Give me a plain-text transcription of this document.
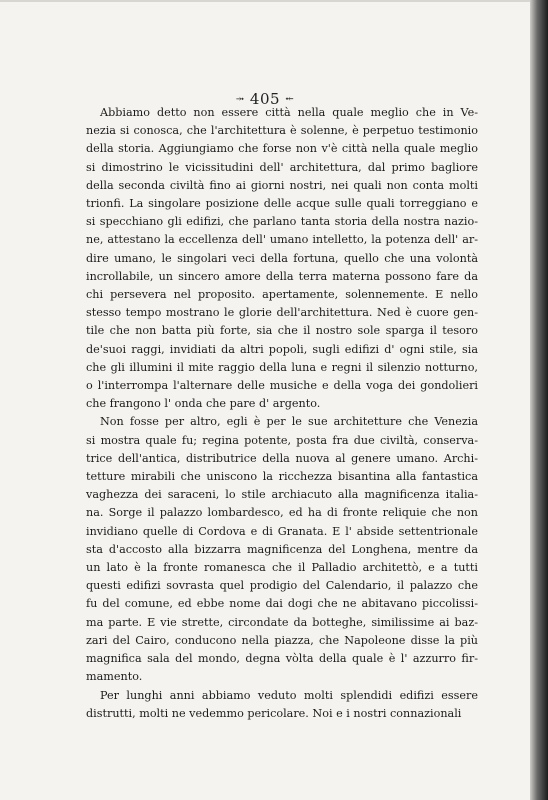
⤞ 405 ⤝
Abbiamo detto non essere città nella quale meglio che in Ve-
nezia si conosca, che l'architettura è solenne, è perpetuo testimonio
della storia. Aggiungiamo che forse non v'è città nella quale meglio
si dimostrino le vicissitudini dell' architettura, dal primo bagliore
della seconda civiltà fino ai giorni nostri, nei quali non conta molti
trionfi. La singolare posizione delle acque sulle quali torreggiano e
si specchiano gli edifizi, che parlano tanta storia della nostra nazio-
ne, attestano la eccellenza dell' umano intelletto, la potenza dell' ar-
dire umano, le singolari veci della fortuna, quello che una volontà
incrollabile, un sincero amore della terra materna possono fare da
chi persevera nel proposito. apertamente, solennemente. E nello
stesso tempo mostrano le glorie dell'architettura. Ned è cuore gen-
tile che non batta più forte, sia che il nostro sole sparga il tesoro
de'suoi raggi, invidiati da altri popoli, sugli edifizi d' ogni stile, sia
che gli illumini il mite raggio della luna e regni il silenzio notturno,
o l'interrompa l'alternare delle musiche e della voga dei gondolieri
che frangono l' onda che pare d' argento.
Non fosse per altro, egli è per le sue architetture che Venezia
si mostra quale fu; regina potente, posta fra due civiltà, conserva-
trice dell'antica, distributrice della nuova al genere umano. Archi-
tetture mirabili che uniscono la ricchezza bisantina alla fantastica
vaghezza dei saraceni, lo stile archiacuto alla magnificenza italia-
na. Sorge il palazzo lombardesco, ed ha di fronte reliquie che non
invidiano quelle di Cordova e di Granata. E l' abside settentrionale
sta d'accosto alla bizzarra magnificenza del Longhena, mentre da
un lato è la fronte romanesca che il Palladio architettò, e a tutti
questi edifizi sovrasta quel prodigio del Calendario, il palazzo che
fu del comune, ed ebbe nome dai dogi che ne abitavano piccolissi-
ma parte. E vie strette, circondate da botteghe, similissime ai baz-
zari del Cairo, conducono nella piazza, che Napoleone disse la più
magnifica sala del mondo, degna vòlta della quale è l' azzurro fir-
mamento.
Per lunghi anni abbiamo veduto molti splendidi edifizi essere
distrutti, molti ne vedemmo pericolare. Noi e i nostri connazionali
